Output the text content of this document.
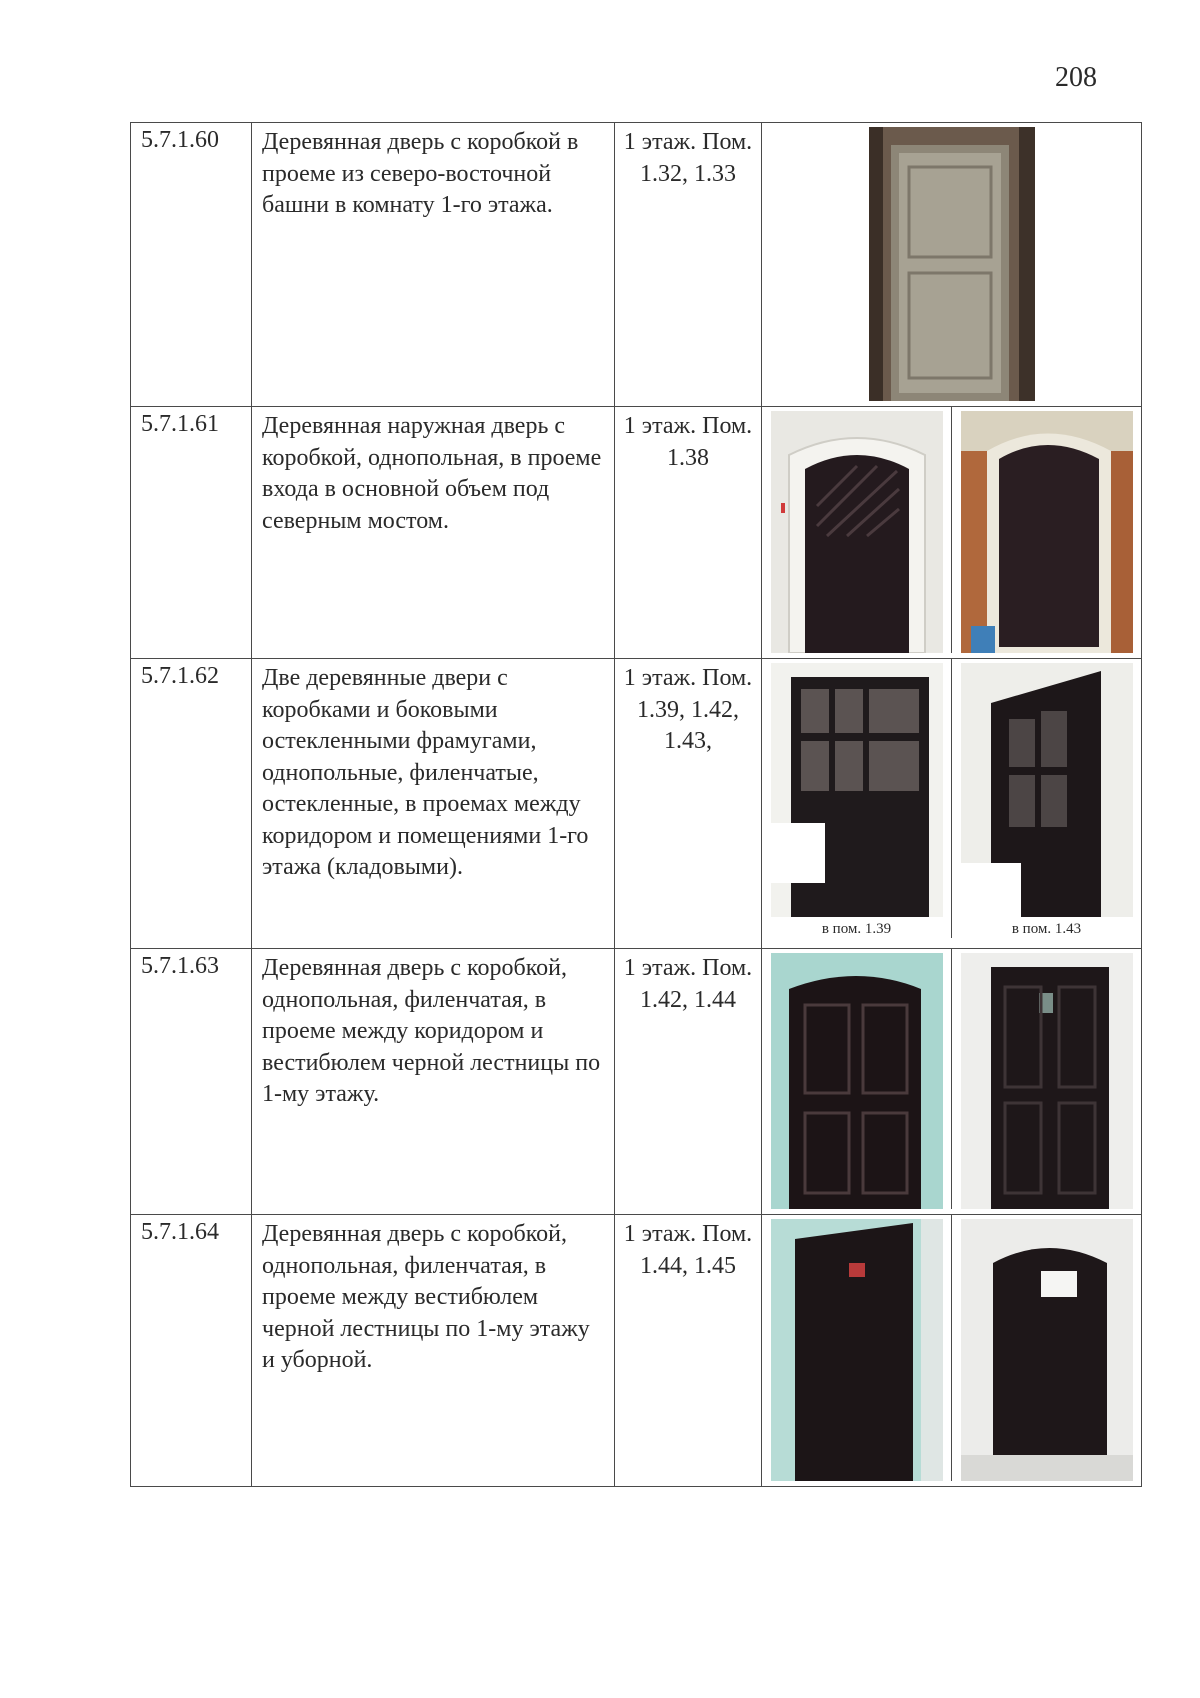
208
5.7.1.60	Деревянная дверь с коробкой в проеме из северо-восточной башни в комнату 1-го этажа.	1 этаж. Пом. 1.32, 1.33	

5.7.1.61	Деревянная наружная дверь с коробкой, однопольная, в проеме входа в основной объем под северным мостом.	1 этаж. Пом. 1.38	

5.7.1.62	Две деревянные двери с коробками и боковыми остекленными фрамугами, однопольные, филенчатые, остекленные, в проемах между коридором и помещениями 1-го этажа (кладовыми).	1 этаж. Пом. 1.39, 1.42, 1.43,	в пом. 1.39 в пом. 1.43

5.7.1.63	Деревянная дверь с коробкой, однопольная, филенчатая, в проеме между коридором и вестибюлем черной лестницы по 1-му этажу.	1 этаж. Пом. 1.42, 1.44	

5.7.1.64	Деревянная дверь с коробкой, однопольная, филенчатая, в проеме между вестибюлем черной лестницы по 1-му этажу и уборной.	1 этаж. Пом. 1.44, 1.45	
